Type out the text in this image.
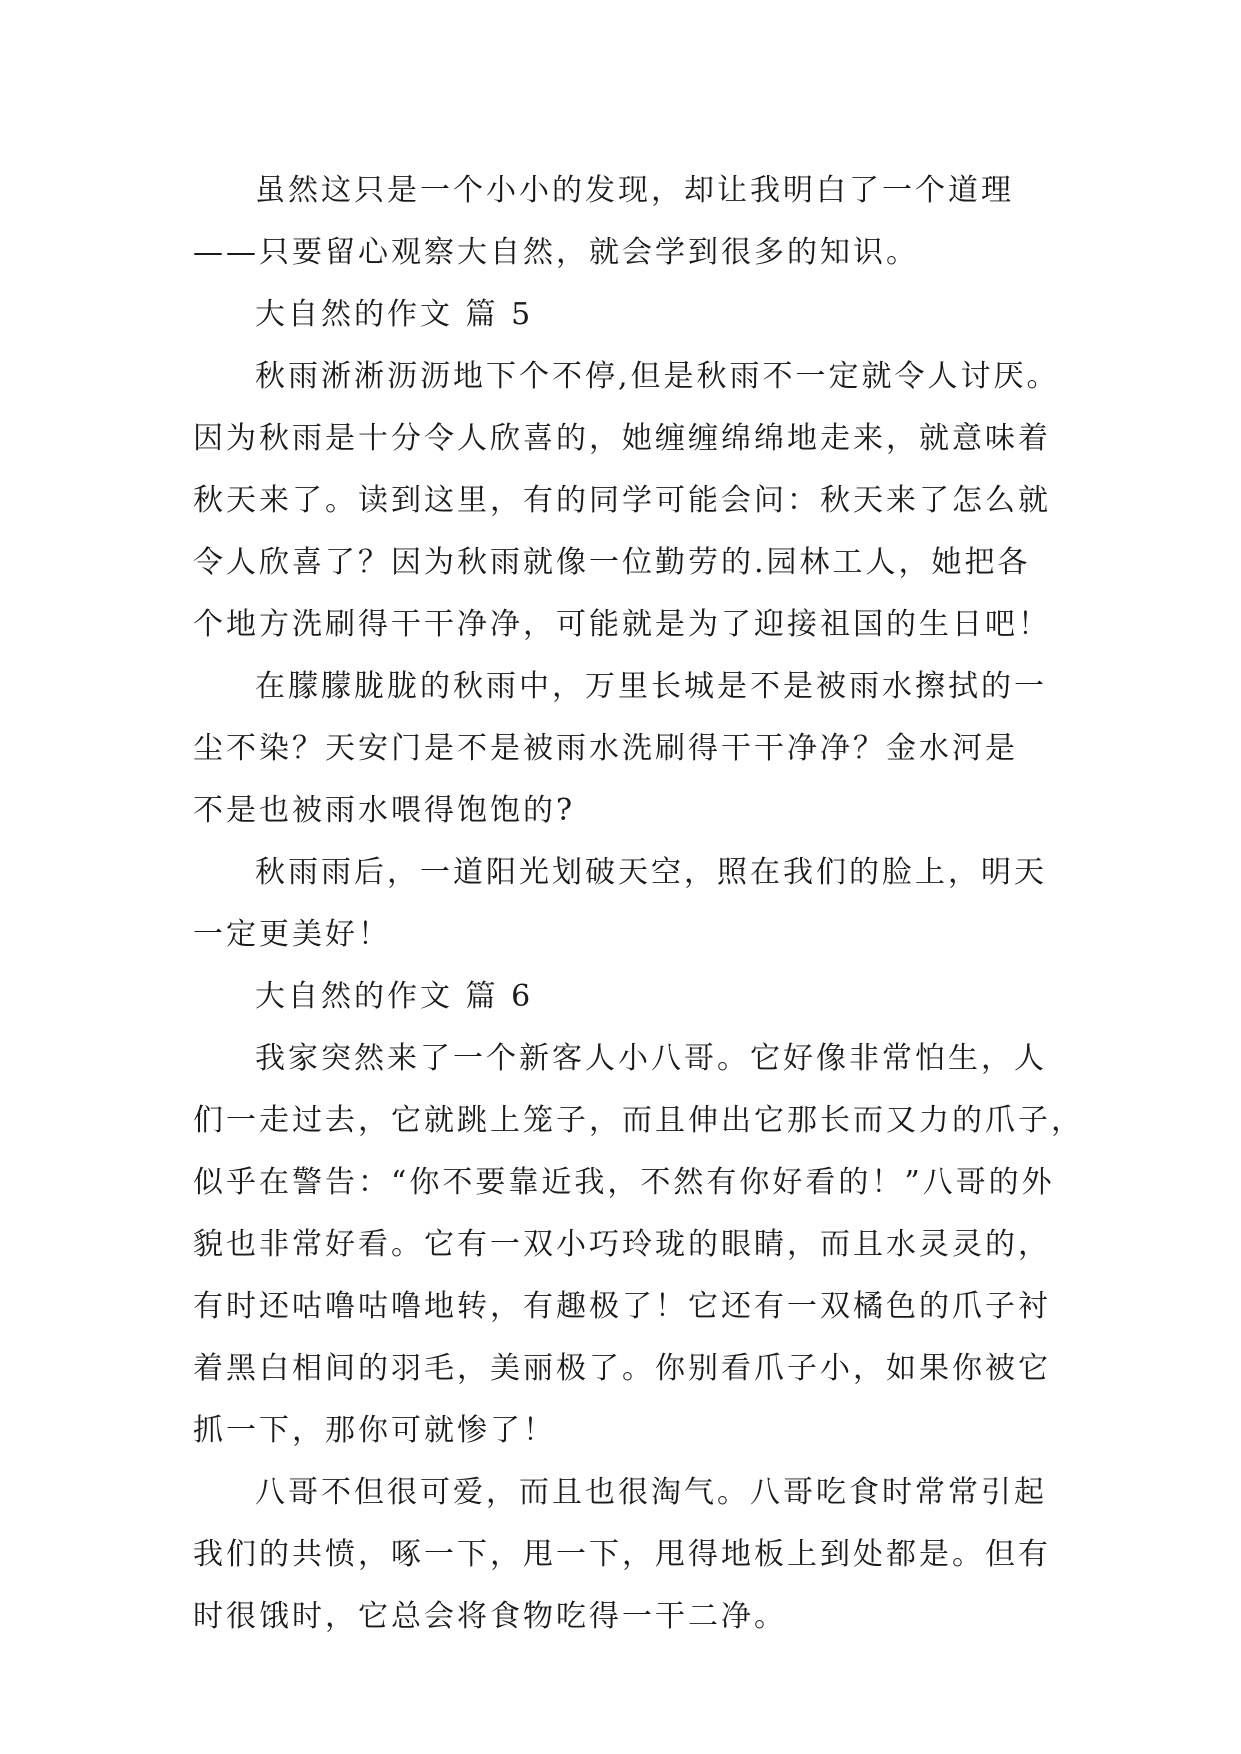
虽然这只是一个小小的发现，却让我明白了一个道理
——只要留心观察大自然，就会学到很多的知识。
大自然的作文 篇 5
秋雨淅淅沥沥地下个不停,但是秋雨不一定就令人讨厌。
因为秋雨是十分令人欣喜的，她缠缠绵绵地走来，就意味着
秋天来了。读到这里，有的同学可能会问：秋天来了怎么就
令人欣喜了？因为秋雨就像一位勤劳的.园林工人，她把各
个地方洗刷得干干净净，可能就是为了迎接祖国的生日吧！
在朦朦胧胧的秋雨中，万里长城是不是被雨水擦拭的一
尘不染？天安门是不是被雨水洗刷得干干净净？金水河是
不是也被雨水喂得饱饱的?
秋雨雨后，一道阳光划破天空，照在我们的脸上，明天
一定更美好！
大自然的作文 篇 6
我家突然来了一个新客人小八哥。它好像非常怕生，人
们一走过去，它就跳上笼子，而且伸出它那长而又力的爪子，
似乎在警告：“你不要靠近我，不然有你好看的！”八哥的外
貌也非常好看。它有一双小巧玲珑的眼睛，而且水灵灵的，
有时还咕噜咕噜地转，有趣极了！它还有一双橘色的爪子衬
着黑白相间的羽毛，美丽极了。你别看爪子小，如果你被它
抓一下，那你可就惨了！
八哥不但很可爱，而且也很淘气。八哥吃食时常常引起
我们的共愤，啄一下，甩一下，甩得地板上到处都是。但有
时很饿时，它总会将食物吃得一干二净。
